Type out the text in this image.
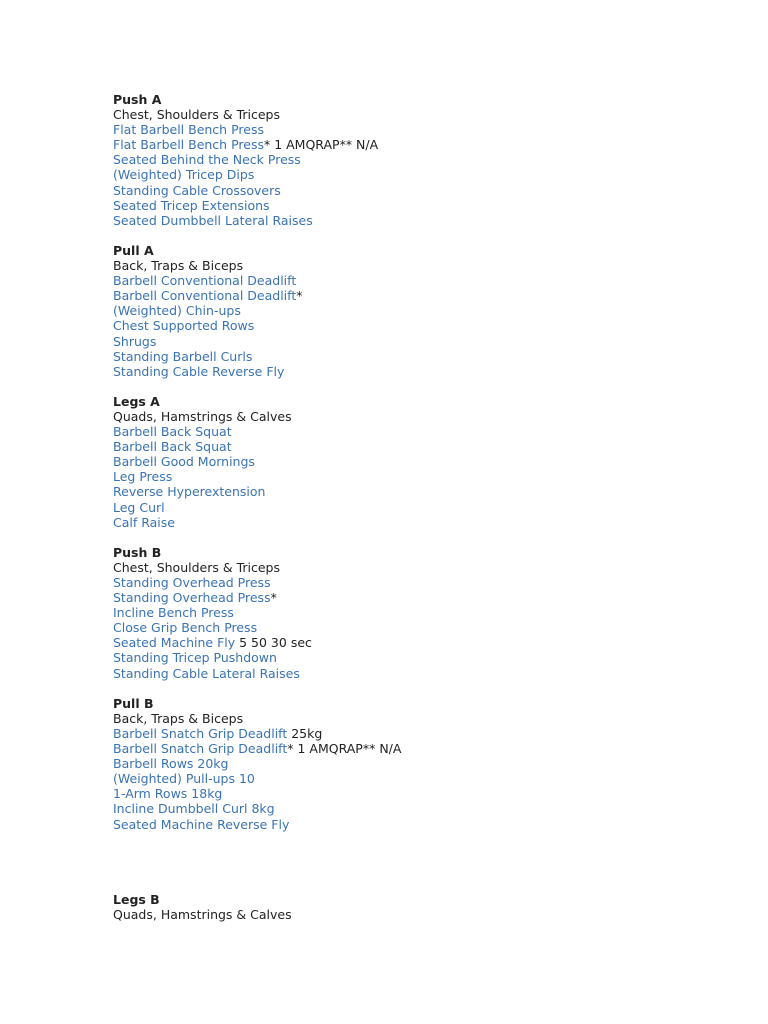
Push A
Chest, Shoulders & Triceps
Flat Barbell Bench Press
Flat Barbell Bench Press* 1 AMQRAP** N/A
Seated Behind the Neck Press
(Weighted) Tricep Dips
Standing Cable Crossovers
Seated Tricep Extensions
Seated Dumbbell Lateral Raises
Pull A
Back, Traps & Biceps
Barbell Conventional Deadlift
Barbell Conventional Deadlift*
(Weighted) Chin-ups
Chest Supported Rows
Shrugs
Standing Barbell Curls
Standing Cable Reverse Fly
Legs A
Quads, Hamstrings & Calves
Barbell Back Squat
Barbell Back Squat
Barbell Good Mornings
Leg Press
Reverse Hyperextension
Leg Curl
Calf Raise
Push B
Chest, Shoulders & Triceps
Standing Overhead Press
Standing Overhead Press*
Incline Bench Press
Close Grip Bench Press
Seated Machine Fly 5 50 30 sec
Standing Tricep Pushdown
Standing Cable Lateral Raises
Pull B
Back, Traps & Biceps
Barbell Snatch Grip Deadlift 25kg
Barbell Snatch Grip Deadlift* 1 AMQRAP** N/A
Barbell Rows 20kg
(Weighted) Pull-ups 10
1-Arm Rows 18kg
Incline Dumbbell Curl 8kg
Seated Machine Reverse Fly
Legs B
Quads, Hamstrings & Calves
